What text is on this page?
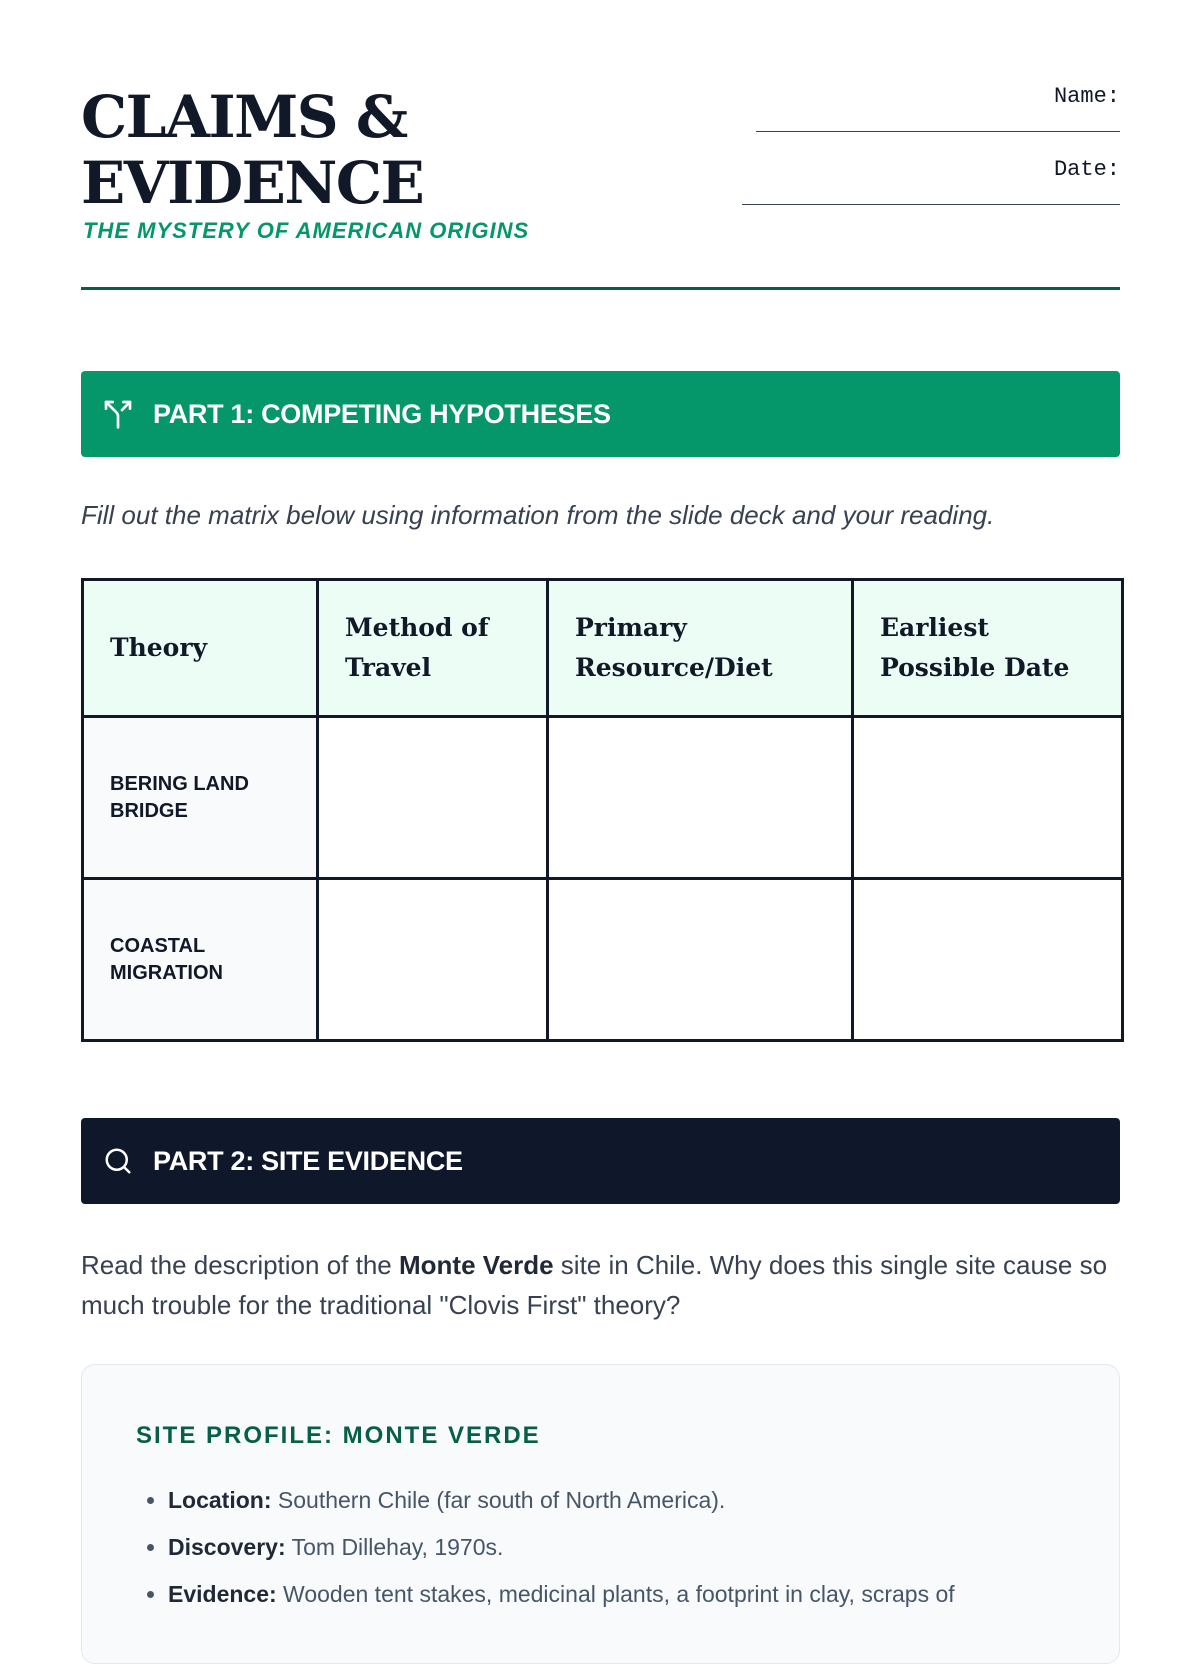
CLAIMS &
EVIDENCE
THE MYSTERY OF AMERICAN ORIGINS
Name:
Date:
PART 1: COMPETING HYPOTHESES
Fill out the matrix below using information from the slide deck and your reading.
Theory	Method of Travel	Primary Resource/Diet	Earliest Possible Date
BERING LAND BRIDGE			
COASTAL MIGRATION			
PART 2: SITE EVIDENCE
Read the description of the Monte Verde site in Chile. Why does this single site cause so much trouble for the traditional "Clovis First" theory?
SITE PROFILE: MONTE VERDE
• Location: Southern Chile (far south of North America).
• Discovery: Tom Dillehay, 1970s.
• Evidence: Wooden tent stakes, medicinal plants, a footprint in clay, scraps of
